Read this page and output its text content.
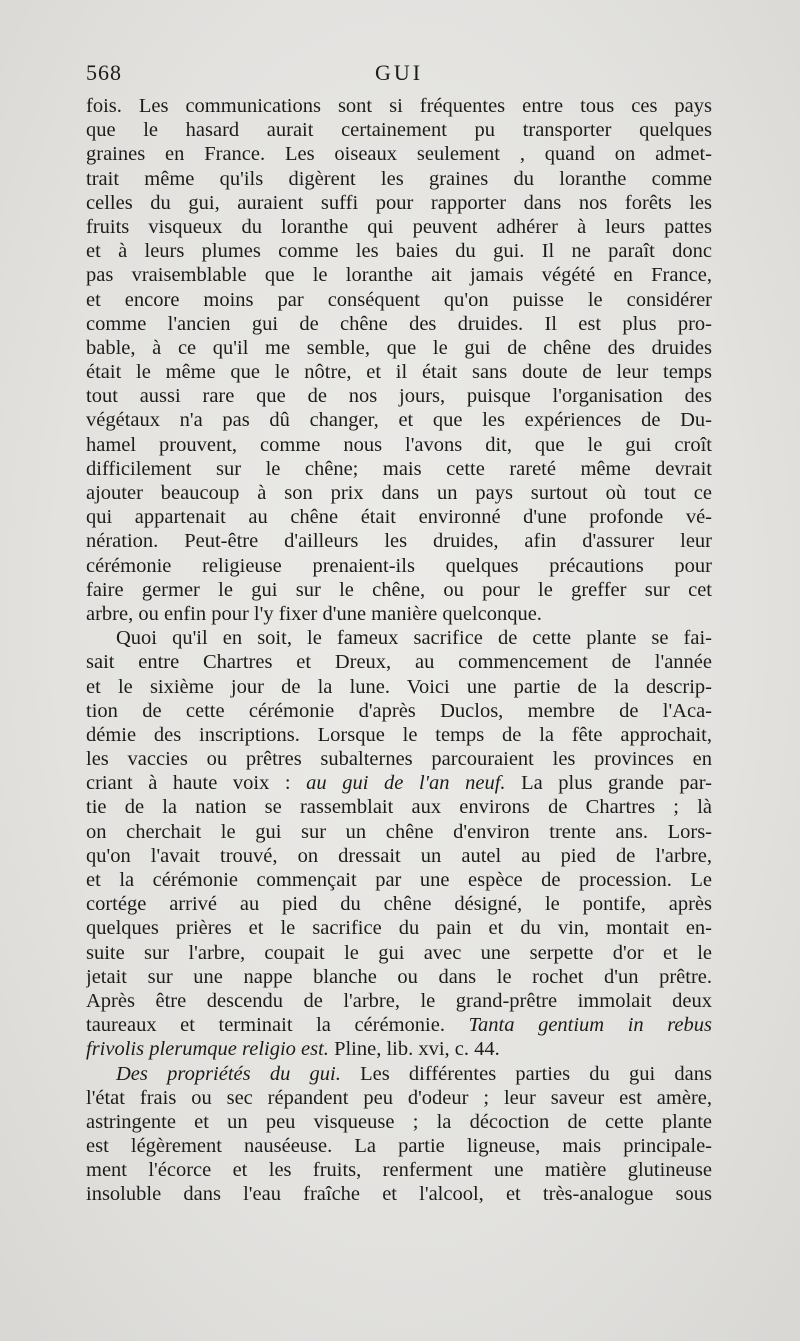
568	GUI
fois. Les communications sont si fréquentes entre tous ces pays
que le hasard aurait certainement pu transporter quelques
graines en France. Les oiseaux seulement , quand on admet-
trait même qu'ils digèrent les graines du loranthe comme
celles du gui, auraient suffi pour rapporter dans nos forêts les
fruits visqueux du loranthe qui peuvent adhérer à leurs pattes
et à leurs plumes comme les baies du gui. Il ne paraît donc
pas vraisemblable que le loranthe ait jamais végété en France,
et encore moins par conséquent qu'on puisse le considérer
comme l'ancien gui de chêne des druides. Il est plus pro-
bable, à ce qu'il me semble, que le gui de chêne des druides
était le même que le nôtre, et il était sans doute de leur temps
tout aussi rare que de nos jours, puisque l'organisation des
végétaux n'a pas dû changer, et que les expériences de Du-
hamel prouvent, comme nous l'avons dit, que le gui croît
difficilement sur le chêne; mais cette rareté même devrait
ajouter beaucoup à son prix dans un pays surtout où tout ce
qui appartenait au chêne était environné d'une profonde vé-
nération. Peut-être d'ailleurs les druides, afin d'assurer leur
cérémonie religieuse prenaient-ils quelques précautions pour
faire germer le gui sur le chêne, ou pour le greffer sur cet
arbre, ou enfin pour l'y fixer d'une manière quelconque.
Quoi qu'il en soit, le fameux sacrifice de cette plante se fai-
sait entre Chartres et Dreux, au commencement de l'année
et le sixième jour de la lune. Voici une partie de la descrip-
tion de cette cérémonie d'après Duclos, membre de l'Aca-
démie des inscriptions. Lorsque le temps de la fête approchait,
les vaccies ou prêtres subalternes parcouraient les provinces en
criant à haute voix : au gui de l'an neuf. La plus grande par-
tie de la nation se rassemblait aux environs de Chartres ; là
on cherchait le gui sur un chêne d'environ trente ans. Lors-
qu'on l'avait trouvé, on dressait un autel au pied de l'arbre,
et la cérémonie commençait par une espèce de procession. Le
cortége arrivé au pied du chêne désigné, le pontife, après
quelques prières et le sacrifice du pain et du vin, montait en-
suite sur l'arbre, coupait le gui avec une serpette d'or et le
jetait sur une nappe blanche ou dans le rochet d'un prêtre.
Après être descendu de l'arbre, le grand-prêtre immolait deux
taureaux et terminait la cérémonie. Tanta gentium in rebus
frivolis plerumque religio est. Pline, lib. xvi, c. 44.
Des propriétés du gui. Les différentes parties du gui dans
l'état frais ou sec répandent peu d'odeur ; leur saveur est amère,
astringente et un peu visqueuse ; la décoction de cette plante
est légèrement nauséeuse. La partie ligneuse, mais principale-
ment l'écorce et les fruits, renferment une matière glutineuse
insoluble dans l'eau fraîche et l'alcool, et très-analogue sous
